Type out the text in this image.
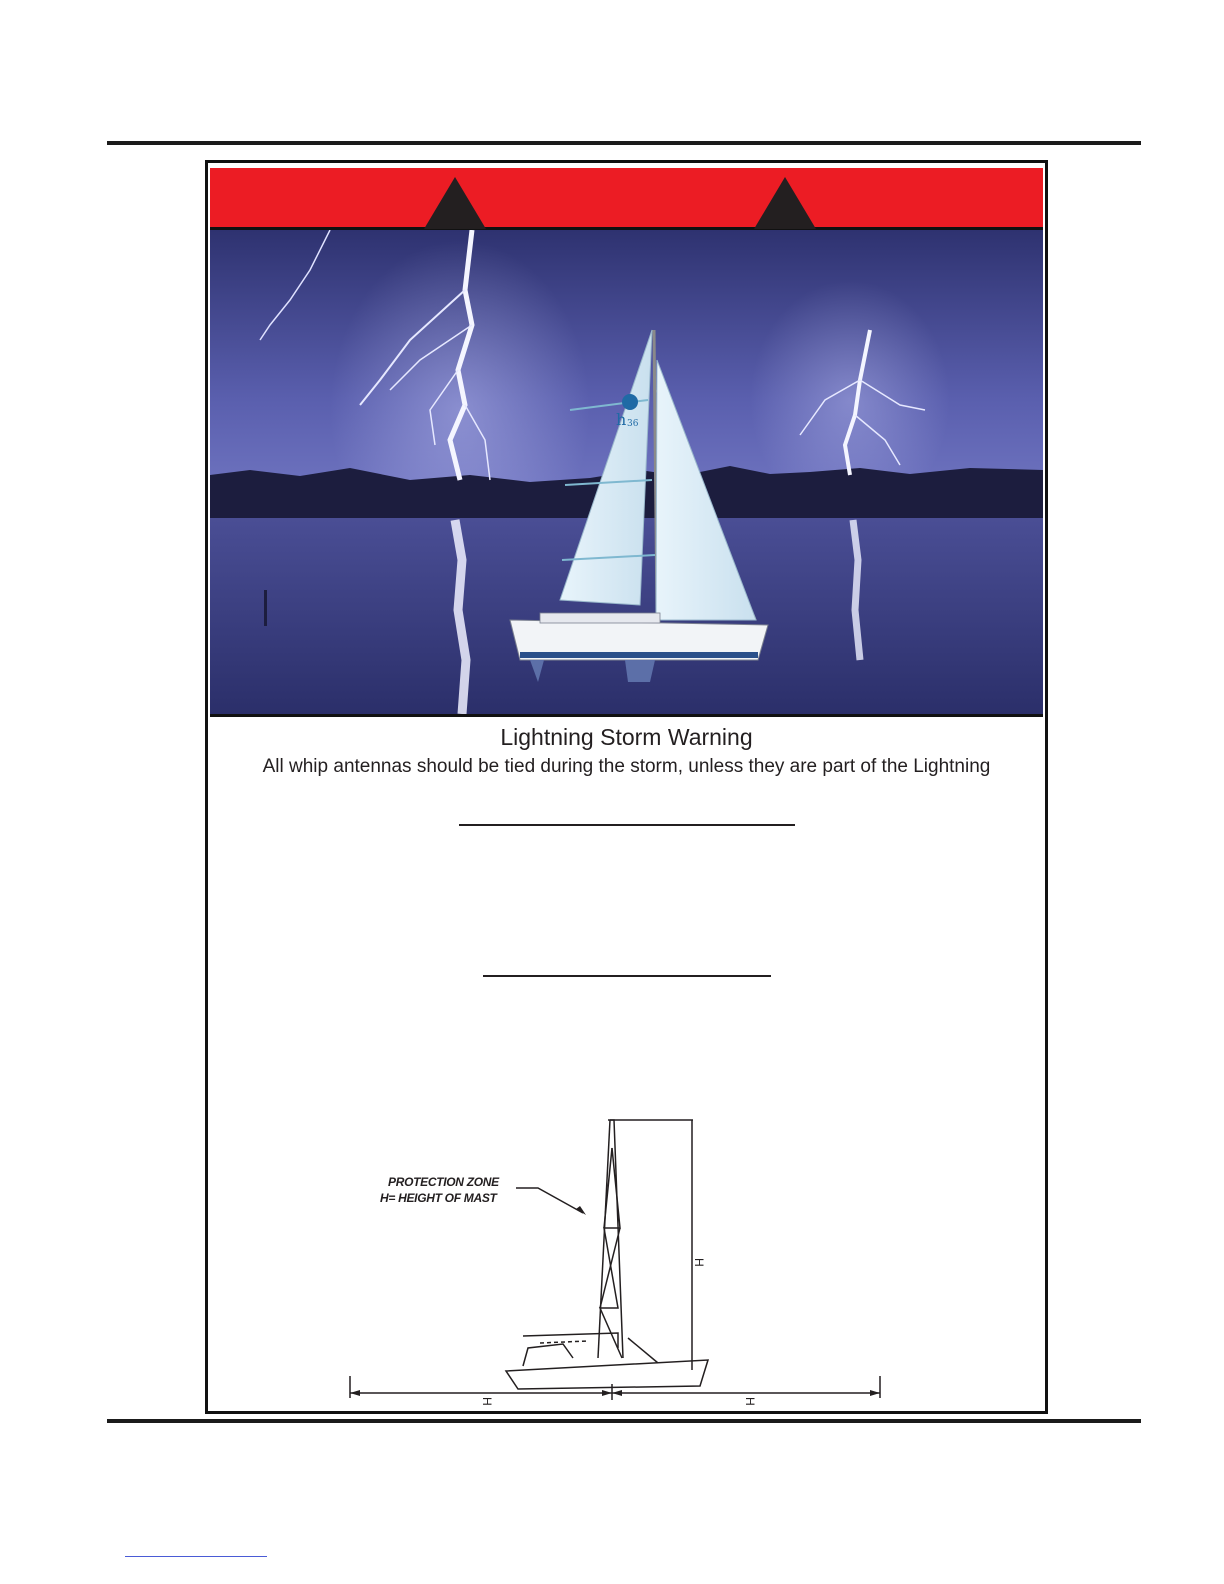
h 36
Lightning Storm Warning
All whip antennas should be tied during the storm, unless they are part of the Lightning
H
H	H
PROTECTION ZONE
H= HEIGHT OF MAST
